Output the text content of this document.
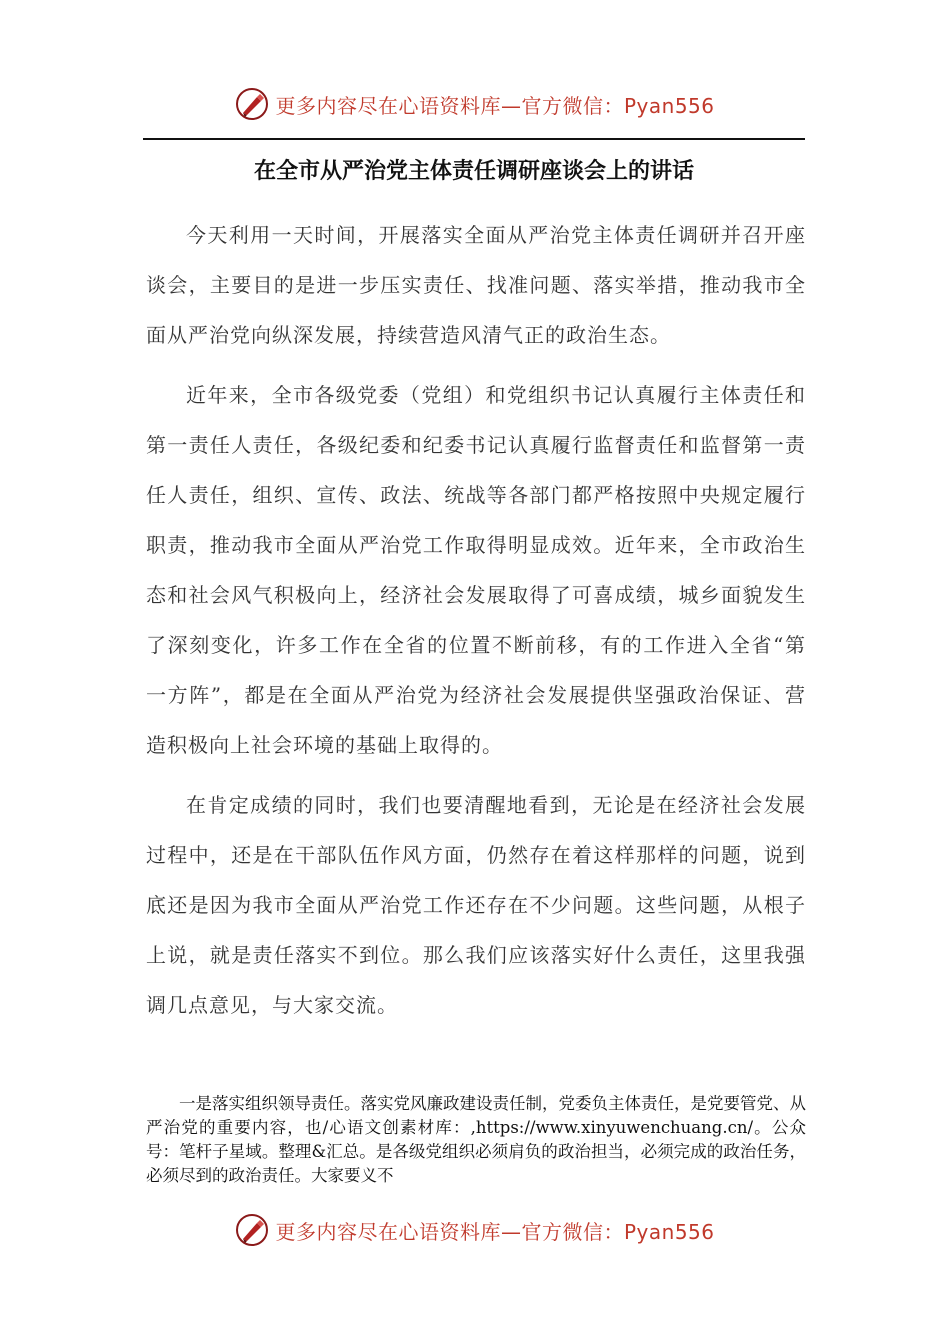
更多内容尽在心语资料库—官方微信：Pyan556
在全市从严治党主体责任调研座谈会上的讲话

今天利用一天时间，开展落实全面从严治党主体责任调研并召开座谈会，主要目的是进一步压实责任、找准问题、落实举措，推动我市全面从严治党向纵深发展，持续营造风清气正的政治生态。

近年来，全市各级党委（党组）和党组织书记认真履行主体责任和第一责任人责任，各级纪委和纪委书记认真履行监督责任和监督第一责任人责任，组织、宣传、政法、统战等各部门都严格按照中央规定履行职责，推动我市全面从严治党工作取得明显成效。近年来，全市政治生态和社会风气积极向上，经济社会发展取得了可喜成绩，城乡面貌发生了深刻变化，许多工作在全省的位置不断前移，有的工作进入全省“第一方阵”，都是在全面从严治党为经济社会发展提供坚强政治保证、营造积极向上社会环境的基础上取得的。

在肯定成绩的同时，我们也要清醒地看到，无论是在经济社会发展过程中，还是在干部队伍作风方面，仍然存在着这样那样的问题，说到底还是因为我市全面从严治党工作还存在不少问题。这些问题，从根子上说，就是责任落实不到位。那么我们应该落实好什么责任，这里我强调几点意见，与大家交流。

一是落实组织领导责任。落实党风廉政建设责任制，党委负主体责任，是党要管党、从严治党的重要内容，也/心语文创素材库：,https://www.xinyuwenchuang.cn/。公众号：笔杆子星域。整理&汇总。是各级党组织必须肩负的政治担当，必须完成的政治任务，必须尽到的政治责任。大家要义不
更多内容尽在心语资料库—官方微信：Pyan556
